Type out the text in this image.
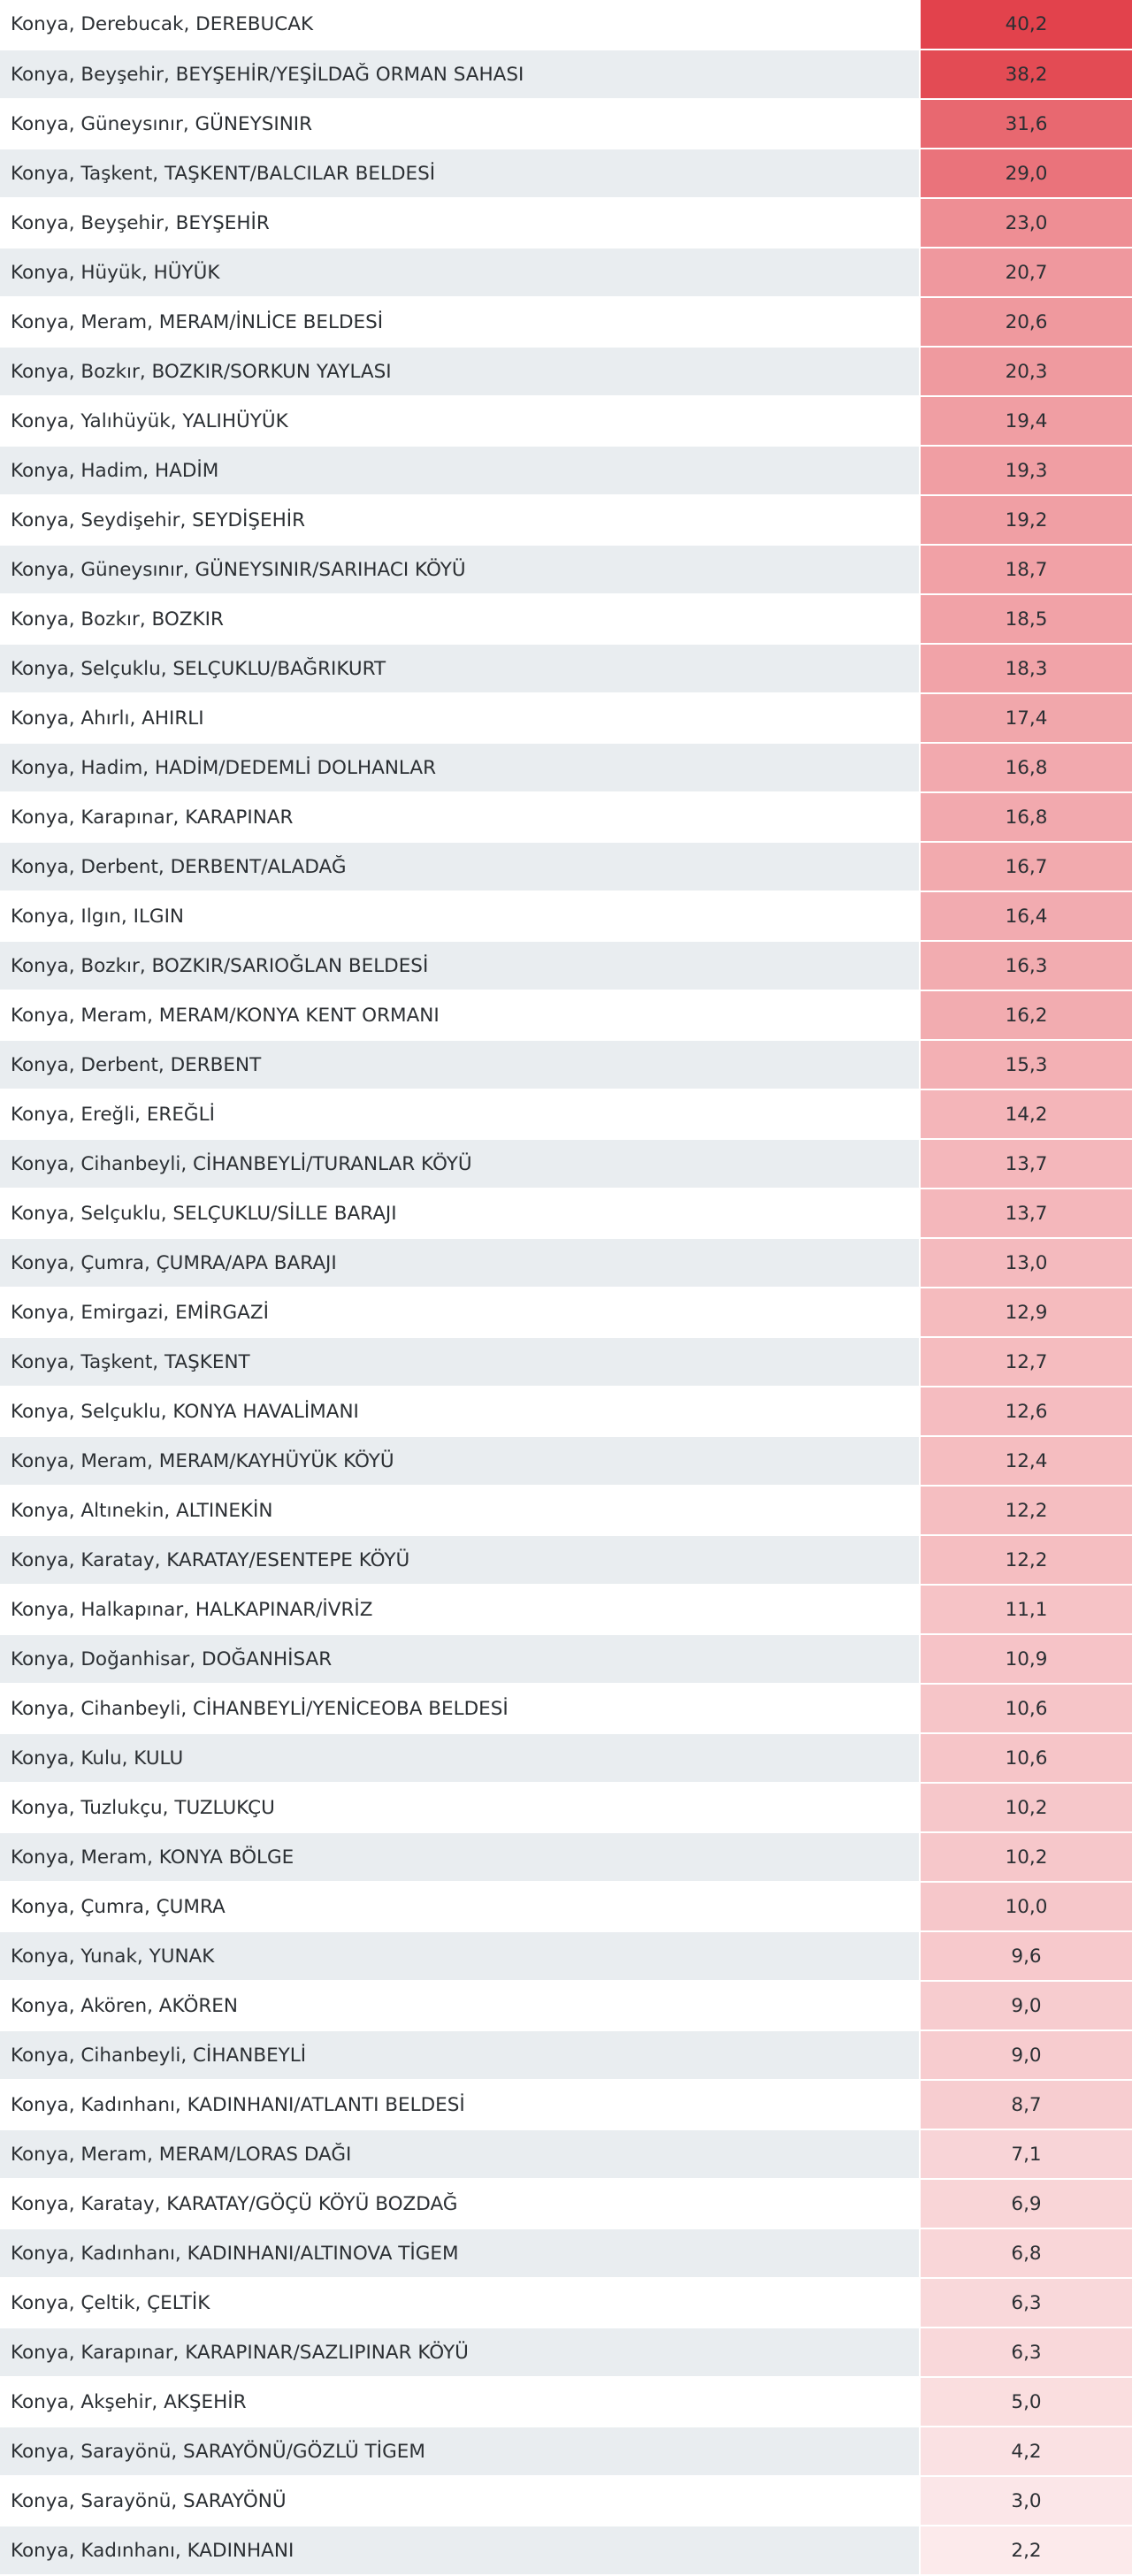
Konya, Derebucak, DEREBUCAK	40,2
Konya, Beyşehir, BEYŞEHİR/YEŞİLDAĞ ORMAN SAHASI	38,2
Konya, Güneysınır, GÜNEYSINIR	31,6
Konya, Taşkent, TAŞKENT/BALCILAR BELDESİ	29,0
Konya, Beyşehir, BEYŞEHİR	23,0
Konya, Hüyük, HÜYÜK	20,7
Konya, Meram, MERAM/İNLİCE BELDESİ	20,6
Konya, Bozkır, BOZKIR/SORKUN YAYLASI	20,3
Konya, Yalıhüyük, YALIHÜYÜK	19,4
Konya, Hadim, HADİM	19,3
Konya, Seydişehir, SEYDİŞEHİR	19,2
Konya, Güneysınır, GÜNEYSINIR/SARIHACI KÖYÜ	18,7
Konya, Bozkır, BOZKIR	18,5
Konya, Selçuklu, SELÇUKLU/BAĞRIKURT	18,3
Konya, Ahırlı, AHIRLI	17,4
Konya, Hadim, HADİM/DEDEMLİ DOLHANLAR	16,8
Konya, Karapınar, KARAPINAR	16,8
Konya, Derbent, DERBENT/ALADAĞ	16,7
Konya, Ilgın, ILGIN	16,4
Konya, Bozkır, BOZKIR/SARIOĞLAN BELDESİ	16,3
Konya, Meram, MERAM/KONYA KENT ORMANI	16,2
Konya, Derbent, DERBENT	15,3
Konya, Ereğli, EREĞLİ	14,2
Konya, Cihanbeyli, CİHANBEYLİ/TURANLAR KÖYÜ	13,7
Konya, Selçuklu, SELÇUKLU/SİLLE BARAJI	13,7
Konya, Çumra, ÇUMRA/APA BARAJI	13,0
Konya, Emirgazi, EMİRGAZİ	12,9
Konya, Taşkent, TAŞKENT	12,7
Konya, Selçuklu, KONYA HAVALİMANI	12,6
Konya, Meram, MERAM/KAYHÜYÜK KÖYÜ	12,4
Konya, Altınekin, ALTINEKİN	12,2
Konya, Karatay, KARATAY/ESENTEPE KÖYÜ	12,2
Konya, Halkapınar, HALKAPINAR/İVRİZ	11,1
Konya, Doğanhisar, DOĞANHİSAR	10,9
Konya, Cihanbeyli, CİHANBEYLİ/YENİCEOBA BELDESİ	10,6
Konya, Kulu, KULU	10,6
Konya, Tuzlukçu, TUZLUKÇU	10,2
Konya, Meram, KONYA BÖLGE	10,2
Konya, Çumra, ÇUMRA	10,0
Konya, Yunak, YUNAK	9,6
Konya, Akören, AKÖREN	9,0
Konya, Cihanbeyli, CİHANBEYLİ	9,0
Konya, Kadınhanı, KADINHANI/ATLANTI BELDESİ	8,7
Konya, Meram, MERAM/LORAS DAĞI	7,1
Konya, Karatay, KARATAY/GÖÇÜ KÖYÜ BOZDAĞ	6,9
Konya, Kadınhanı, KADINHANI/ALTINOVA TİGEM	6,8
Konya, Çeltik, ÇELTİK	6,3
Konya, Karapınar, KARAPINAR/SAZLIPINAR KÖYÜ	6,3
Konya, Akşehir, AKŞEHİR	5,0
Konya, Sarayönü, SARAYÖNÜ/GÖZLÜ TİGEM	4,2
Konya, Sarayönü, SARAYÖNÜ	3,0
Konya, Kadınhanı, KADINHANI	2,2
